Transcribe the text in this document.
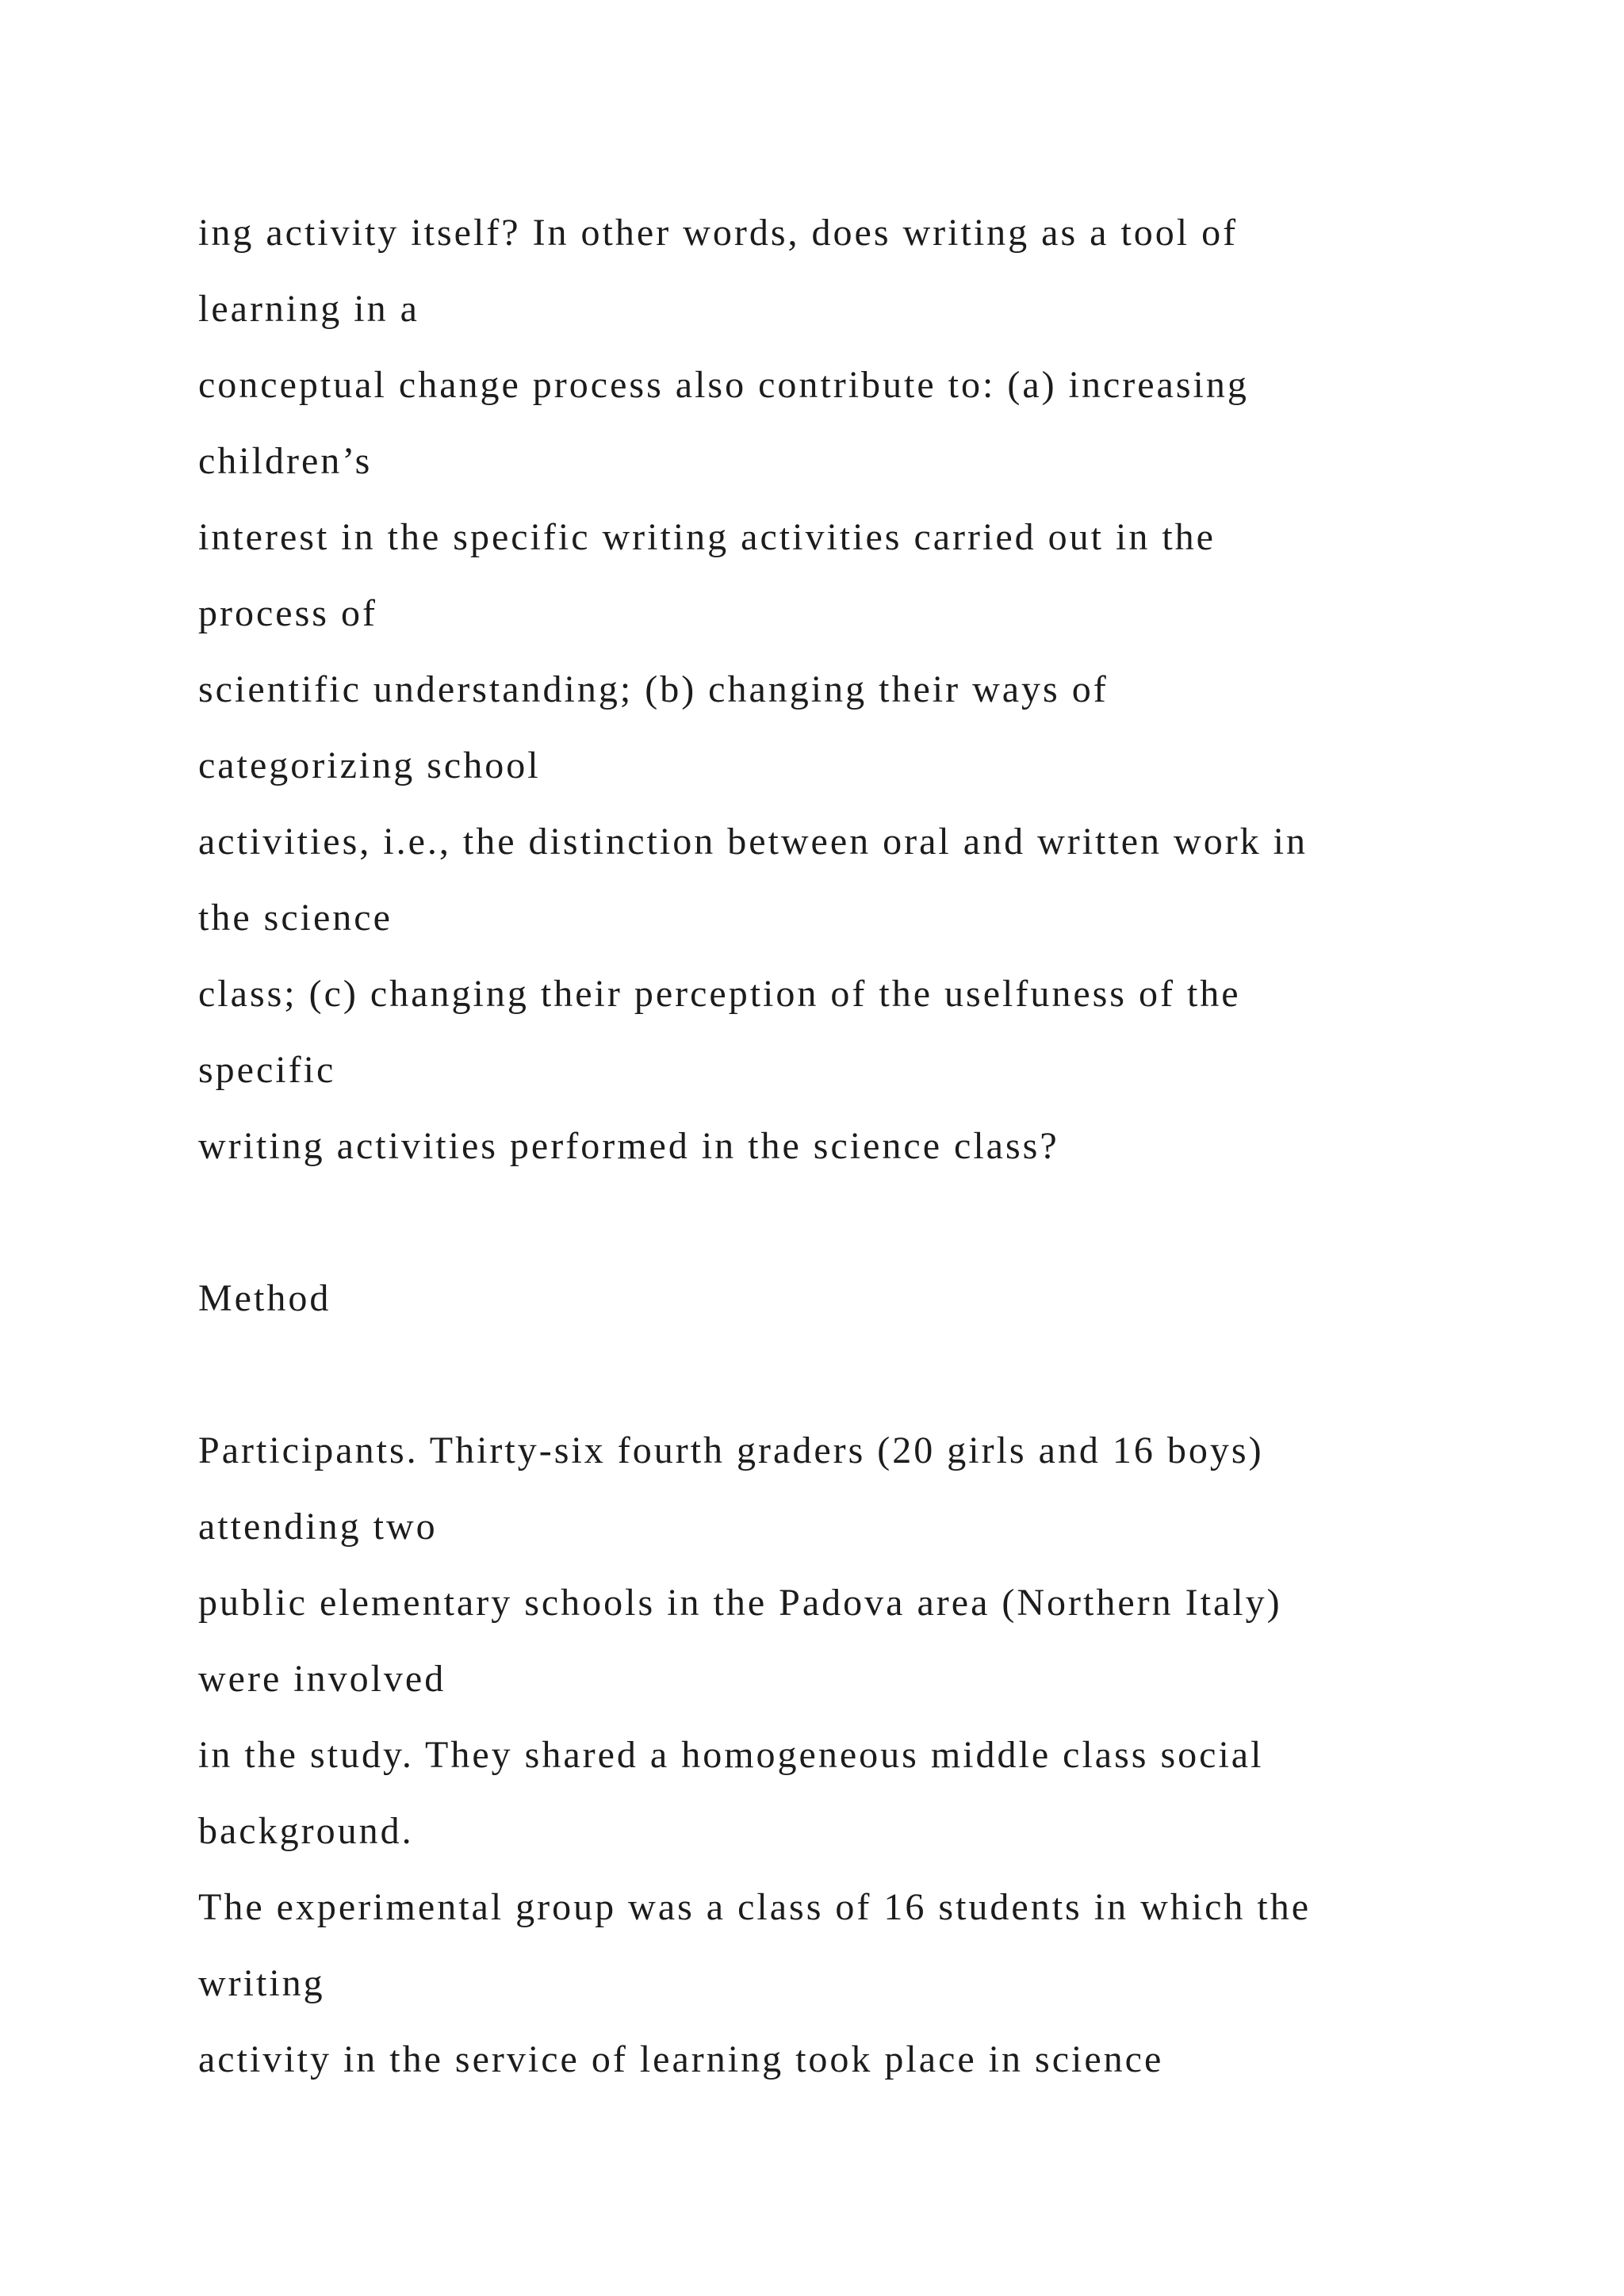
ing activity itself? In other words, does writing as a tool of
learning in a
conceptual change process also contribute to: (a) increasing
children’s
interest in the specific writing activities carried out in the
process of
scientific understanding; (b) changing their ways of
categorizing school
activities, i.e., the distinction between oral and written work in
the science
class; (c) changing their perception of the uselfuness of the
specific
writing activities performed in the science class?
Method
Participants. Thirty-six fourth graders (20 girls and 16 boys)
attending two
public elementary schools in the Padova area (Northern Italy)
were involved
in the study. They shared a homogeneous middle class social
background.
The experimental group was a class of 16 students in which the
writing
activity in the service of learning took place in science
